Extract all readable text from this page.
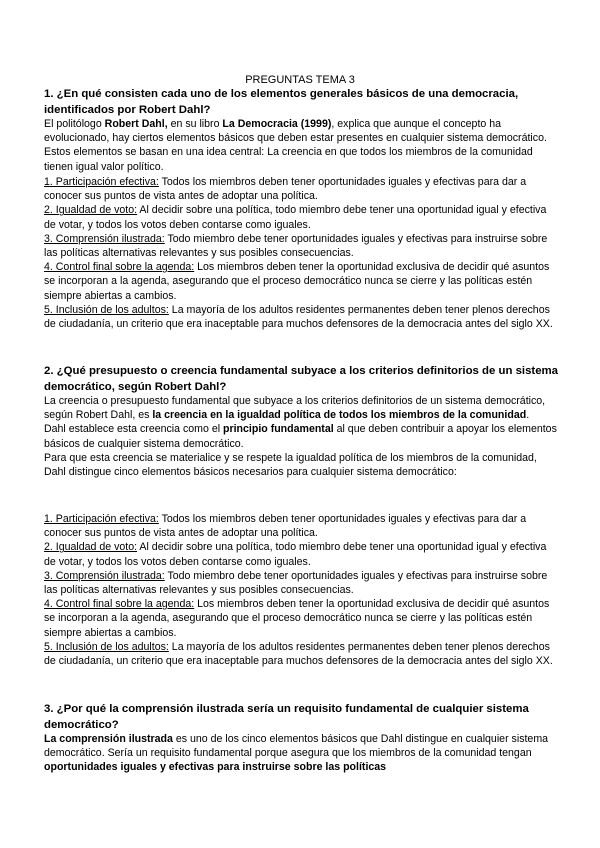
PREGUNTAS TEMA 3
1. ¿En qué consisten cada uno de los elementos generales básicos de una democracia, identificados por Robert Dahl?

El politólogo Robert Dahl, en su libro La Democracia (1999), explica que aunque el concepto ha evolucionado, hay ciertos elementos básicos que deben estar presentes en cualquier sistema democrático. Estos elementos se basan en una idea central: La creencia en que todos los miembros de la comunidad tienen igual valor político.

1. Participación efectiva: Todos los miembros deben tener oportunidades iguales y efectivas para dar a conocer sus puntos de vista antes de adoptar una política.

2. Igualdad de voto: Al decidir sobre una política, todo miembro debe tener una oportunidad igual y efectiva de votar, y todos los votos deben contarse como iguales.

3. Comprensión ilustrada: Todo miembro debe tener oportunidades iguales y efectivas para instruirse sobre las políticas alternativas relevantes y sus posibles consecuencias.

4. Control final sobre la agenda: Los miembros deben tener la oportunidad exclusiva de decidir qué asuntos se incorporan a la agenda, asegurando que el proceso democrático nunca se cierre y las políticas estén siempre abiertas a cambios.

5. Inclusión de los adultos: La mayoría de los adultos residentes permanentes deben tener plenos derechos de ciudadanía, un criterio que era inaceptable para muchos defensores de la democracia antes del siglo XX.

2. ¿Qué presupuesto o creencia fundamental subyace a los criterios definitorios de un sistema democrático, según Robert Dahl?

La creencia o presupuesto fundamental que subyace a los criterios definitorios de un sistema democrático, según Robert Dahl, es la creencia en la igualdad política de todos los miembros de la comunidad.

Dahl establece esta creencia como el principio fundamental al que deben contribuir a apoyar los elementos básicos de cualquier sistema democrático.

Para que esta creencia se materialice y se respete la igualdad política de los miembros de la comunidad, Dahl distingue cinco elementos básicos necesarios para cualquier sistema democrático:

1. Participación efectiva: Todos los miembros deben tener oportunidades iguales y efectivas para dar a conocer sus puntos de vista antes de adoptar una política.

2. Igualdad de voto: Al decidir sobre una política, todo miembro debe tener una oportunidad igual y efectiva de votar, y todos los votos deben contarse como iguales.

3. Comprensión ilustrada: Todo miembro debe tener oportunidades iguales y efectivas para instruirse sobre las políticas alternativas relevantes y sus posibles consecuencias.

4. Control final sobre la agenda: Los miembros deben tener la oportunidad exclusiva de decidir qué asuntos se incorporan a la agenda, asegurando que el proceso democrático nunca se cierre y las políticas estén siempre abiertas a cambios.

5. Inclusión de los adultos: La mayoría de los adultos residentes permanentes deben tener plenos derechos de ciudadanía, un criterio que era inaceptable para muchos defensores de la democracia antes del siglo XX.

3. ¿Por qué la comprensión ilustrada sería un requisito fundamental de cualquier sistema democrático?

La comprensión ilustrada es uno de los cinco elementos básicos que Dahl distingue en cualquier sistema democrático. Sería un requisito fundamental porque asegura que los miembros de la comunidad tengan oportunidades iguales y efectivas para instruirse sobre las políticas
